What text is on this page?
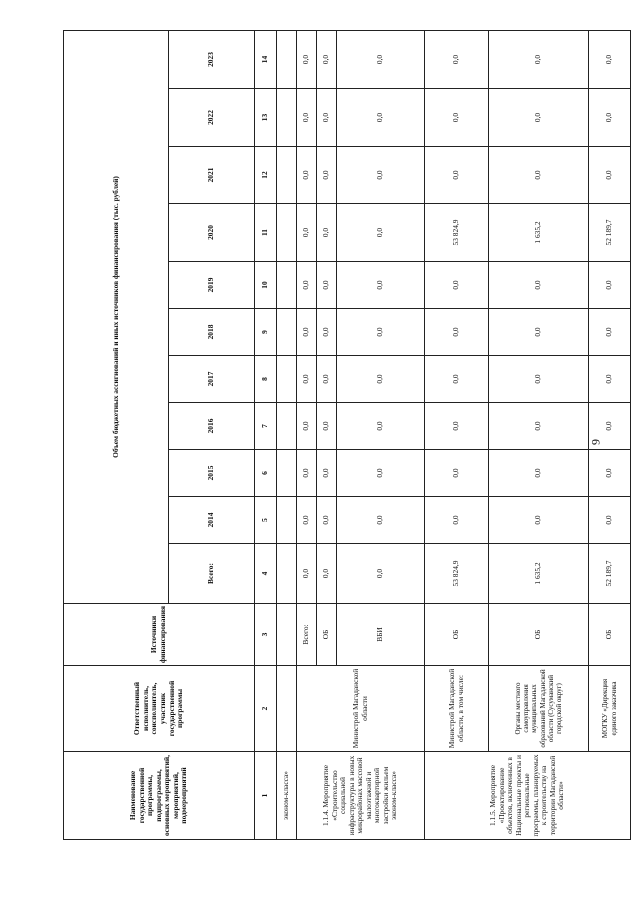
9
Наименование государственной программы, подпрограммы, основных мероприятий, мероприятий, подмероприятий	Ответственный исполнитель, соисполнитель, участник государственной программы	Источники финансирования	Объем бюджетных ассигнований и иных источников финансирования (тыс. рублей)										
			Всего:	2014	2015	2016	2017	2018	2019	2020	2021	2022	2023
1	2	3	4	5	6	7	8	9	10	11	12	13	14
эконом-класса»													
1.1.4. Мероприятие «Строительство социальной инфраструктуры в новых микрорайонах массовой малоэтажной и многоквартирной застройки жильем эконом-класса»	Министрой Магаданской области	Всего:	0,0	0,0	0,0	0,0	0,0	0,0	0,0	0,0	0,0	0,0	0,0
		ОБ	0,0	0,0	0,0	0,0	0,0	0,0	0,0	0,0	0,0	0,0	0,0
		ВБИ	0,0	0,0	0,0	0,0	0,0	0,0	0,0	0,0	0,0	0,0	0,0
1.1.5. Мероприятие «Проектирование объектов, включенных в Национальные проекты и региональные программы, планируемых к строительству на территории Магаданской области»	Министрой Магаданской области, в том числе:	ОБ	53 824,9	0,0	0,0	0,0	0,0	0,0	0,0	53 824,9	0,0	0,0	0,0
	Органы местного самоуправления муниципальных образований Магаданской области (Сусуманский городской округ)	ОБ	1 635,2	0,0	0,0	0,0	0,0	0,0	0,0	1 635,2	0,0	0,0	0,0
	МОГКУ «Дирекция единого заказчика	ОБ	52 189,7	0,0	0,0	0,0	0,0	0,0	0,0	52 189,7	0,0	0,0	0,0
